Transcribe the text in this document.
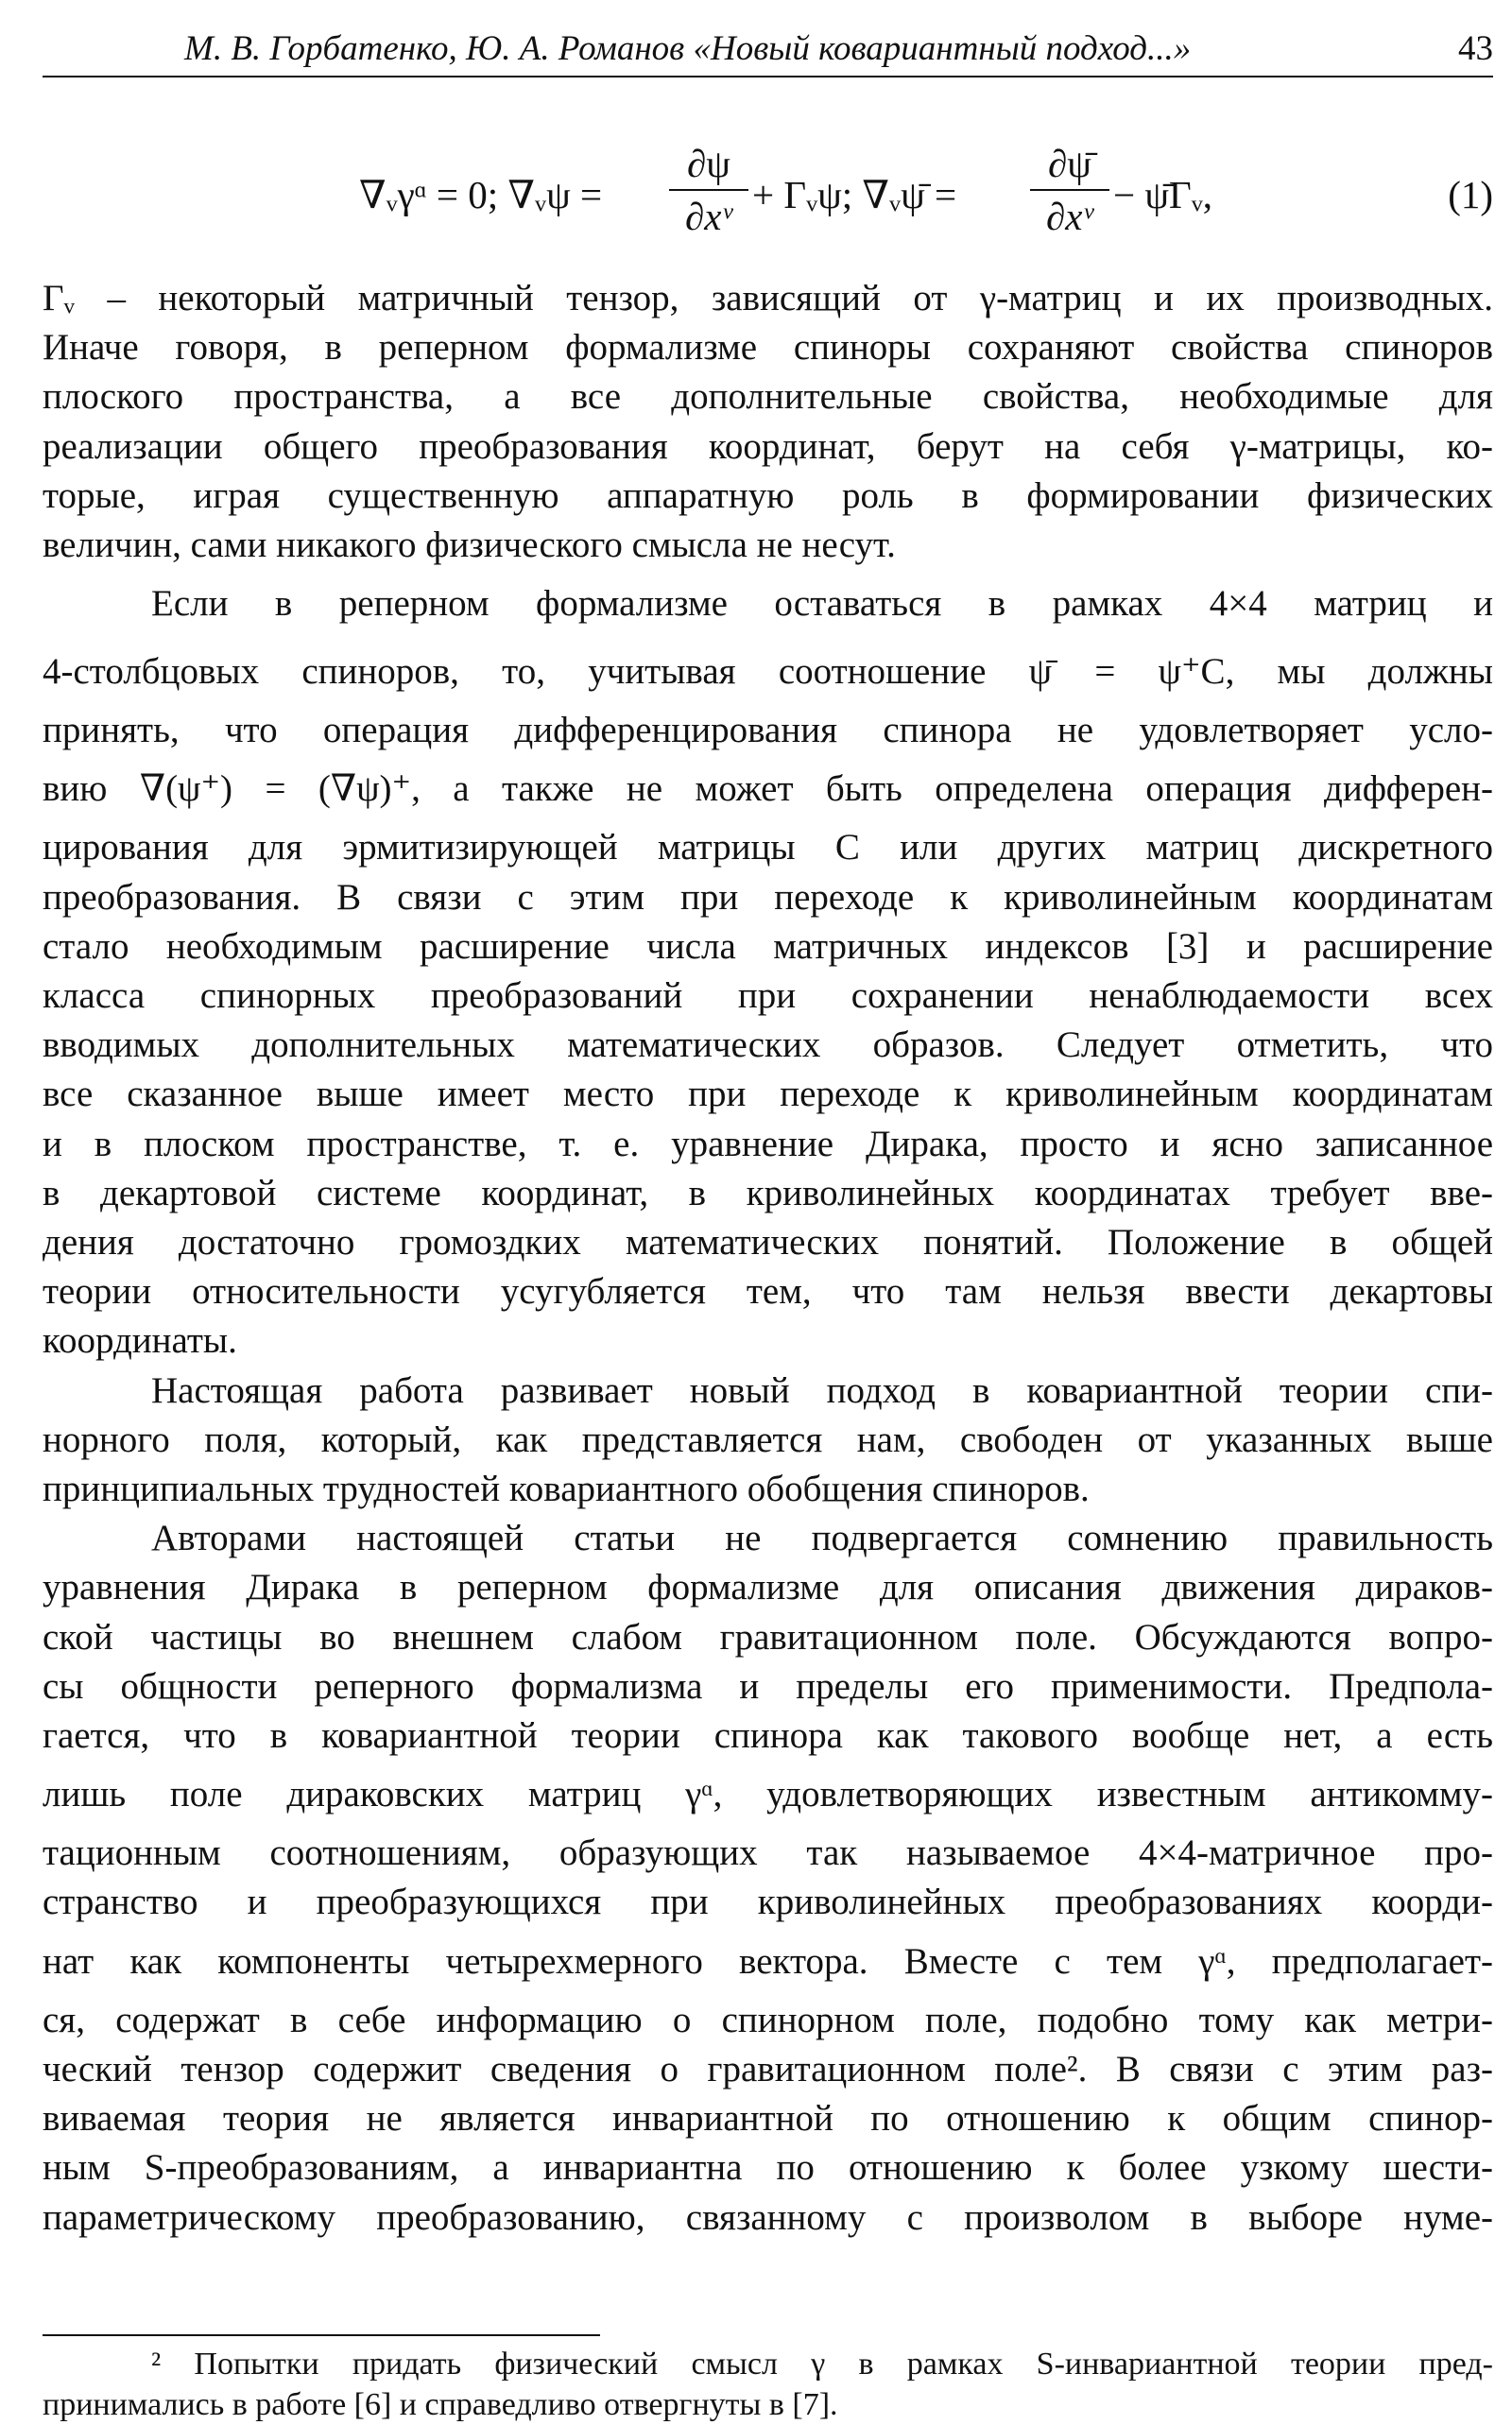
М. В. Горбатенко, Ю. А. Романов «Новый ковариантный подход...»	43
∇ᵥγᵅ = 0; ∇ᵥψ =
∂ψ
∂xᵛ + Γᵥψ; ∇ᵥψ̄ =
∂ψ̄
∂xᵛ − ψ̄Γᵥ,	(1)

Γᵥ – некоторый матричный тензор, зависящий от γ-матриц и их производных.
Иначе говоря, в реперном формализме спиноры сохраняют свойства спиноров
плоского пространства, а все дополнительные свойства, необходимые для
реализации общего преобразования координат, берут на себя γ-матрицы, ко-
торые, играя существенную аппаратную роль в формировании физических
величин, сами никакого физического смысла не несут.

Если в реперном формализме оставаться в рамках 4×4 матриц и
4-столбцовых спиноров, то, учитывая соотношение ψ̄ = ψ⁺C, мы должны
принять, что операция дифференцирования спинора не удовлетворяет усло-
вию ∇(ψ⁺) = (∇ψ)⁺, а также не может быть определена операция дифферен-
цирования для эрмитизирующей матрицы C или других матриц дискретного
преобразования. В связи с этим при переходе к криволинейным координатам
стало необходимым расширение числа матричных индексов [3] и расширение
класса спинорных преобразований при сохранении ненаблюдаемости всех
вводимых дополнительных математических образов. Следует отметить, что
все сказанное выше имеет место при переходе к криволинейным координатам
и в плоском пространстве, т. е. уравнение Дирака, просто и ясно записанное
в декартовой системе координат, в криволинейных координатах требует вве-
дения достаточно громоздких математических понятий. Положение в общей
теории относительности усугубляется тем, что там нельзя ввести декартовы
координаты.

Настоящая работа развивает новый подход в ковариантной теории спи-
норного поля, который, как представляется нам, свободен от указанных выше
принципиальных трудностей ковариантного обобщения спиноров.

Авторами настоящей статьи не подвергается сомнению правильность
уравнения Дирака в реперном формализме для описания движения дираков-
ской частицы во внешнем слабом гравитационном поле. Обсуждаются вопро-
сы общности реперного формализма и пределы его применимости. Предпола-
гается, что в ковариантной теории спинора как такового вообще нет, а есть
лишь поле дираковских матриц γᵅ, удовлетворяющих известным антикомму-
тационным соотношениям, образующих так называемое 4×4-матричное про-
странство и преобразующихся при криволинейных преобразованиях коорди-
нат как компоненты четырехмерного вектора. Вместе с тем γᵅ, предполагает-
ся, содержат в себе информацию о спинорном поле, подобно тому как метри-
ческий тензор содержит сведения о гравитационном поле². В связи с этим раз-
виваемая теория не является инвариантной по отношению к общим спинор-
ным S-преобразованиям, а инвариантна по отношению к более узкому шести-
параметрическому преобразованию, связанному с произволом в выборе нуме-

² Попытки придать физический смысл γ в рамках S-инвариантной теории пред-
принимались в работе [6] и справедливо отвергнуты в [7].
